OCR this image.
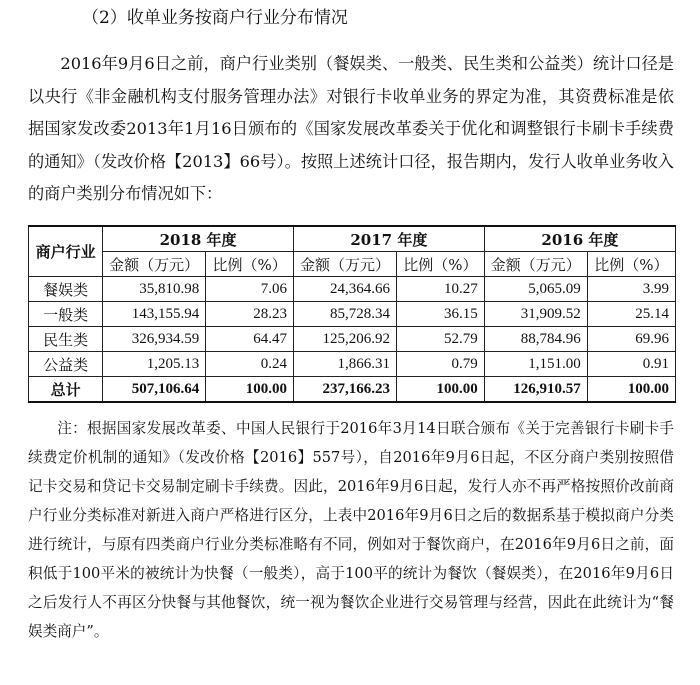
（2）收单业务按商户行业分布情况

2016年9月6日之前，商户行业类别（餐娱类、一般类、民生类和公益类）统计口径是以央行《非金融机构支付服务管理办法》对银行卡收单业务的界定为准，其资费标准是依据国家发改委2013年1月16日颁布的《国家发展改革委关于优化和调整银行卡刷卡手续费的通知》（发改价格【2013】66号）。按照上述统计口径，报告期内，发行人收单业务收入的商户类别分布情况如下：

商户行业	2018 年度		2017 年度		2016 年度	
	金额（万元）	比例（%）	金额（万元）	比例（%）	金额（万元）	比例（%）
餐娱类	35,810.98	7.06	24,364.66	10.27	5,065.09	3.99
一般类	143,155.94	28.23	85,728.34	36.15	31,909.52	25.14
民生类	326,934.59	64.47	125,206.92	52.79	88,784.96	69.96
公益类	1,205.13	0.24	1,866.31	0.79	1,151.00	0.91
总计	507,106.64	100.00	237,166.23	100.00	126,910.57	100.00

注：根据国家发展改革委、中国人民银行于2016年3月14日联合颁布《关于完善银行卡刷卡手续费定价机制的通知》（发改价格【2016】557号），自2016年9月6日起，不区分商户类别按照借记卡交易和贷记卡交易制定刷卡手续费。因此，2016年9月6日起，发行人亦不再严格按照价改前商户行业分类标准对新进入商户严格进行区分，上表中2016年9月6日之后的数据系基于模拟商户分类进行统计，与原有四类商户行业分类标准略有不同，例如对于餐饮商户，在2016年9月6日之前，面积低于100平米的被统计为快餐（一般类），高于100平的统计为餐饮（餐娱类），在2016年9月6日之后发行人不再区分快餐与其他餐饮，统一视为餐饮企业进行交易管理与经营，因此在此统计为“餐娱类商户”。
